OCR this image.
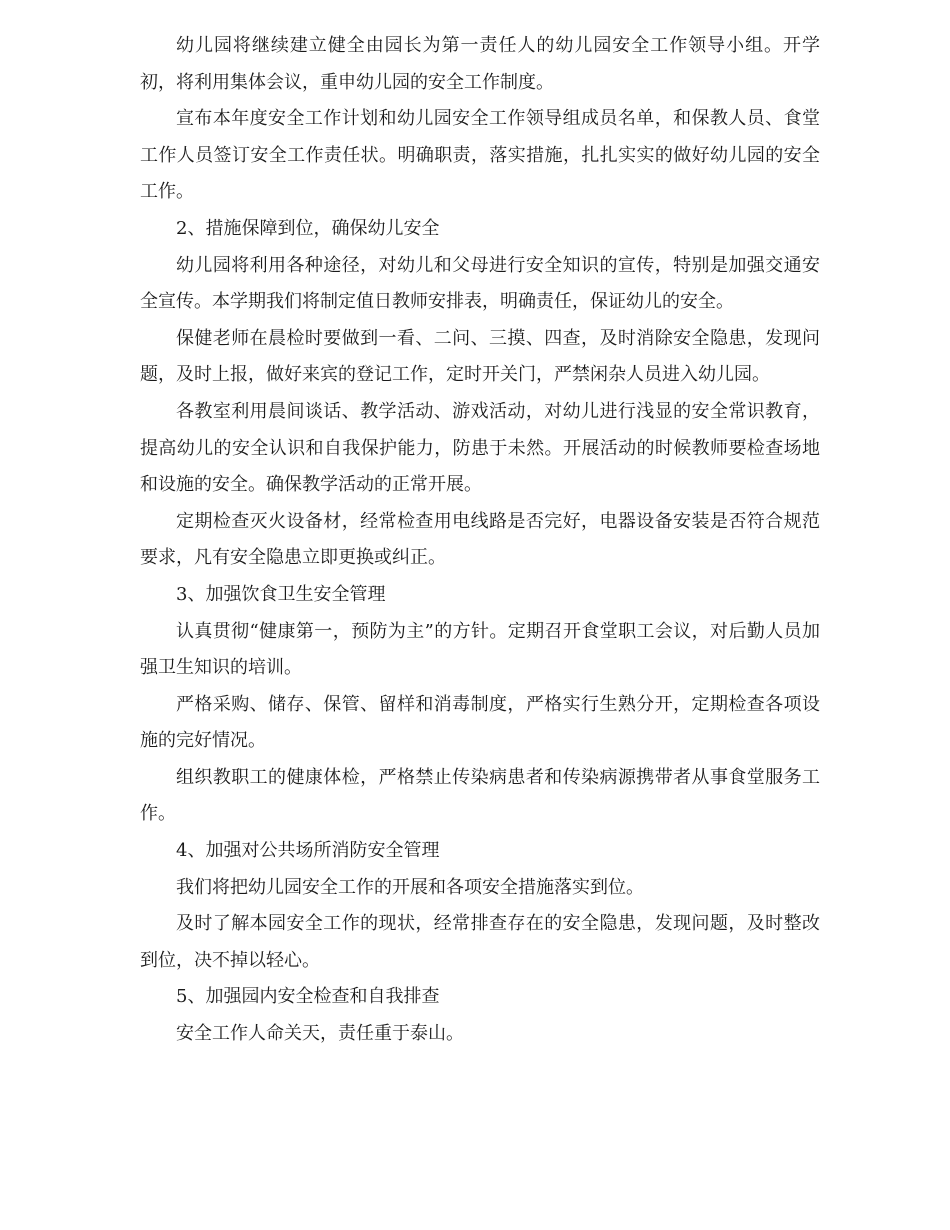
幼儿园将继续建立健全由园长为第一责任人的幼儿园安全工作领导小组。开学初，将利用集体会议，重申幼儿园的安全工作制度。

宣布本年度安全工作计划和幼儿园安全工作领导组成员名单，和保教人员、食堂工作人员签订安全工作责任状。明确职责，落实措施，扎扎实实的做好幼儿园的安全工作。

2、措施保障到位，确保幼儿安全

幼儿园将利用各种途径，对幼儿和父母进行安全知识的宣传，特别是加强交通安全宣传。本学期我们将制定值日教师安排表，明确责任，保证幼儿的安全。

保健老师在晨检时要做到一看、二问、三摸、四查，及时消除安全隐患，发现问题，及时上报，做好来宾的登记工作，定时开关门，严禁闲杂人员进入幼儿园。

各教室利用晨间谈话、教学活动、游戏活动，对幼儿进行浅显的安全常识教育，提高幼儿的安全认识和自我保护能力，防患于未然。开展活动的时候教师要检查场地和设施的安全。确保教学活动的正常开展。

定期检查灭火设备材，经常检查用电线路是否完好，电器设备安装是否符合规范要求，凡有安全隐患立即更换或纠正。

3、加强饮食卫生安全管理

认真贯彻“健康第一，预防为主”的方针。定期召开食堂职工会议，对后勤人员加强卫生知识的培训。

严格采购、储存、保管、留样和消毒制度，严格实行生熟分开，定期检查各项设施的完好情况。

组织教职工的健康体检，严格禁止传染病患者和传染病源携带者从事食堂服务工作。

4、加强对公共场所消防安全管理

我们将把幼儿园安全工作的开展和各项安全措施落实到位。

及时了解本园安全工作的现状，经常排查存在的安全隐患，发现问题，及时整改到位，决不掉以轻心。

5、加强园内安全检查和自我排查

安全工作人命关天，责任重于泰山。
